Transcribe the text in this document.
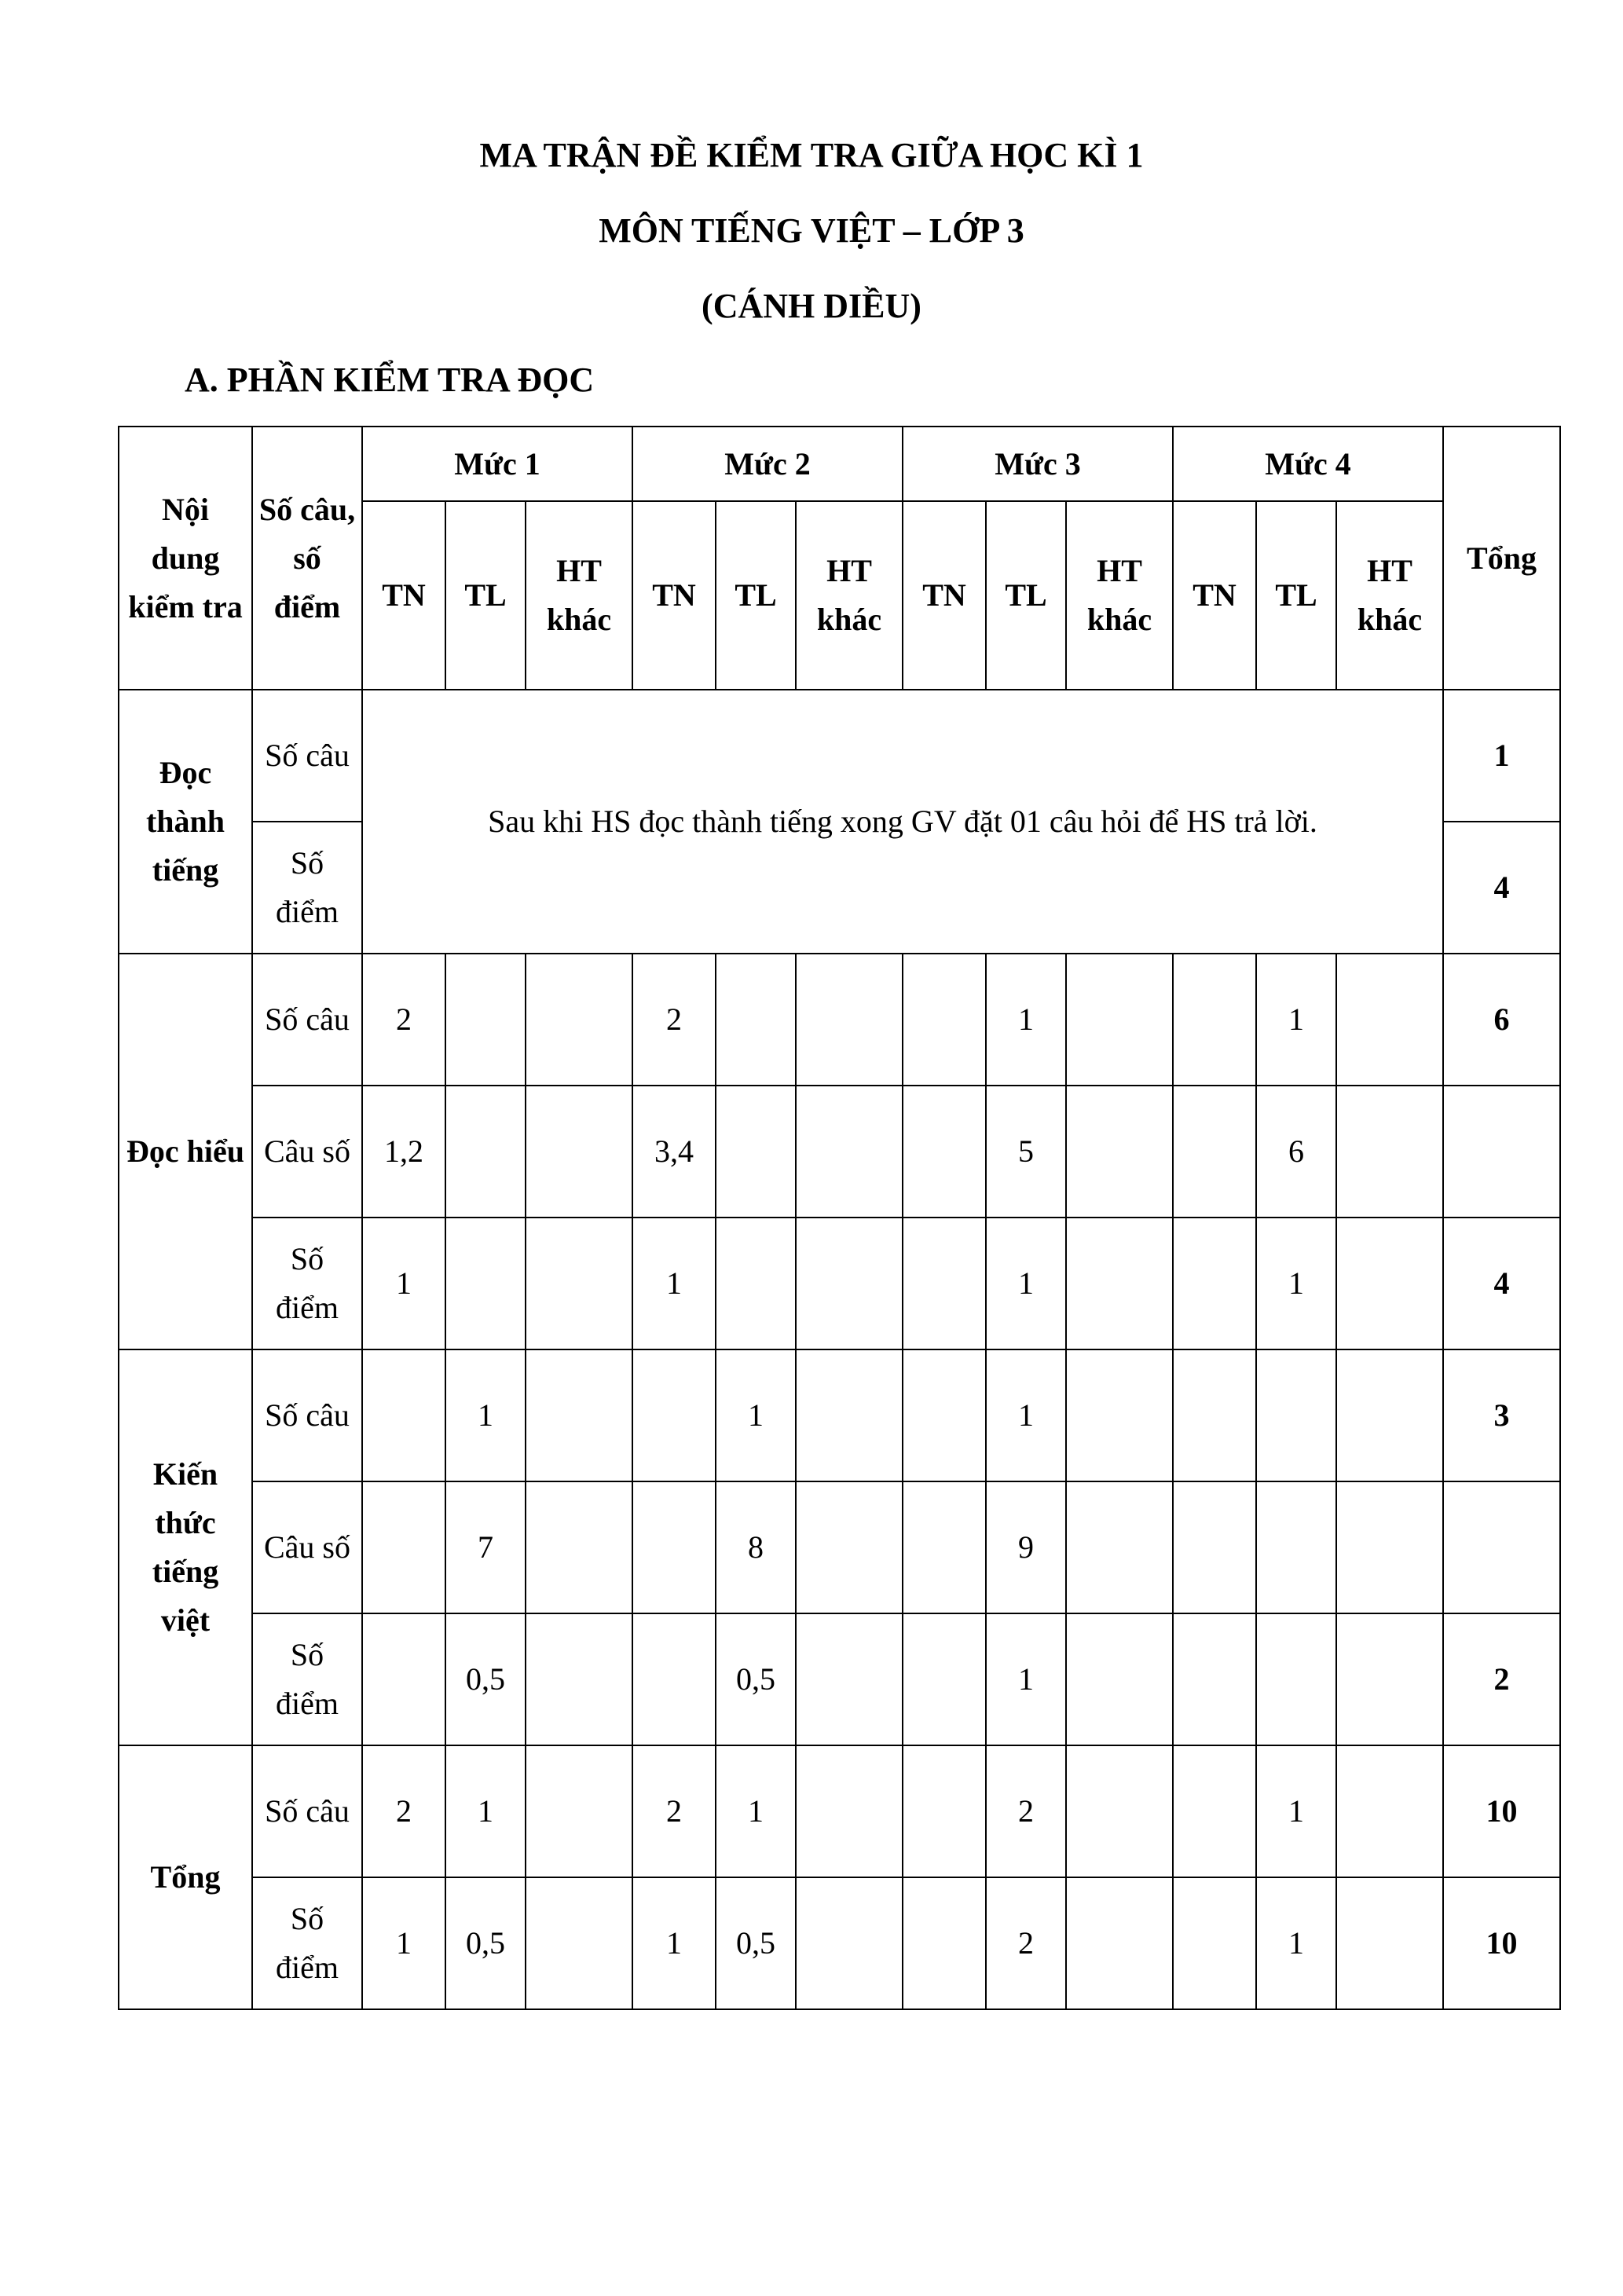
MA TRẬN ĐỀ KIỂM TRA GIỮA HỌC KÌ 1
MÔN TIẾNG VIỆT – LỚP 3
(CÁNH DIỀU)
A. PHẦN KIỂM TRA ĐỌC
Nội dung kiểm tra	Số câu, số điểm	Mức 1			Mức 2			Mức 3			Mức 4			Tổng
		TN	TL	HT khác	TN	TL	HT khác	TN	TL	HT khác	TN	TL	HT khác	
Đọc thành tiếng	Số câu	Sau khi HS đọc thành tiếng xong GV đặt 01 câu hỏi để HS trả lời.												1
	Số điểm													4
Đọc hiểu	Số câu	2			2				1			1		6
	Câu số	1,2			3,4				5			6		
	Số điểm	1			1				1			1		4
Kiến thức tiếng việt	Số câu		1			1			1					3
	Câu số		7			8			9					
	Số điểm		0,5			0,5			1					2
Tổng	Số câu	2	1		2	1			2			1		10
	Số điểm	1	0,5		1	0,5			2			1		10
